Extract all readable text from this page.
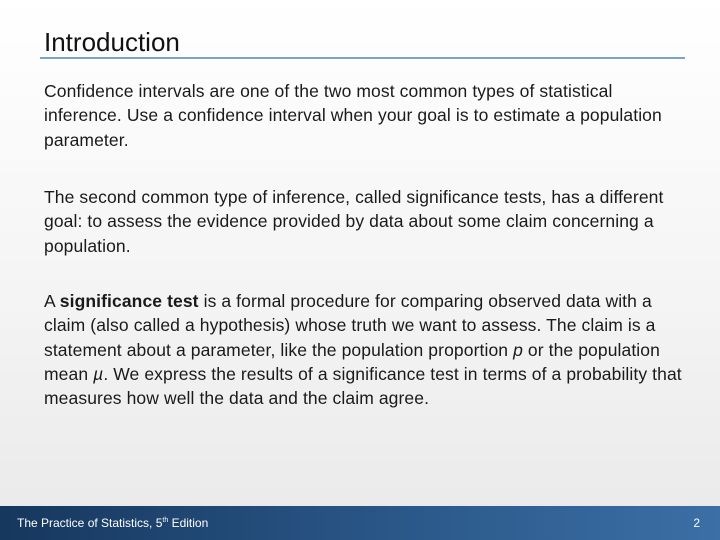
Introduction

Confidence intervals are one of the two most common types of statistical inference. Use a confidence interval when your goal is to estimate a population parameter.

The second common type of inference, called significance tests, has a different goal: to assess the evidence provided by data about some claim concerning a population.

A significance test is a formal procedure for comparing observed data with a claim (also called a hypothesis) whose truth we want to assess. The claim is a statement about a parameter, like the population proportion p or the population mean µ. We express the results of a significance test in terms of a probability that measures how well the data and the claim agree.

The Practice of Statistics, 5th Edition	2
